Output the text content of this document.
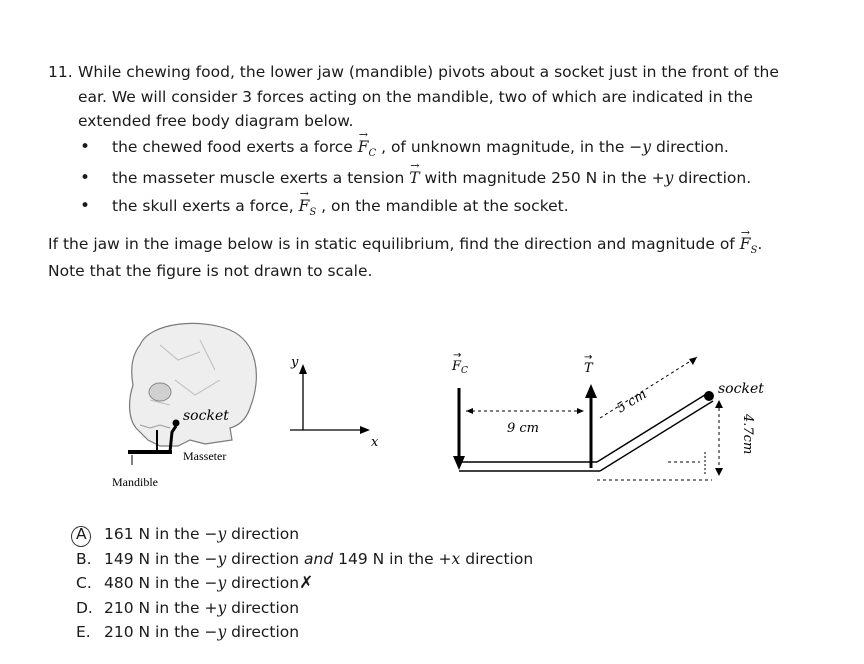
11. While chewing food, the lower jaw (mandible) pivots about a socket just in the front of the
ear. We will consider 3 forces acting on the mandible, two of which are indicated in the
extended free body diagram below.
• the chewed food exerts a force → $F_C$ , of unknown magnitude, in the −y direction.
• the masseter muscle exerts a tension → T with magnitude 250 N in the +y direction.
• the skull exerts a force, → $F_S$ , on the mandible at the socket.
If the jaw in the image below is in static equilibrium, find the direction and magnitude of → $F_S$.
Note that the figure is not drawn to scale.
socket
Masseter
Mandible
y
x
$F_C$
→
T
→
9 cm
5 cm
4.7cm
socket
A 161 N in the −y direction
B. 149 N in the −y direction and 149 N in the +x direction
C. 480 N in the −y direction✗
D. 210 N in the +y direction
E. 210 N in the −y direction
